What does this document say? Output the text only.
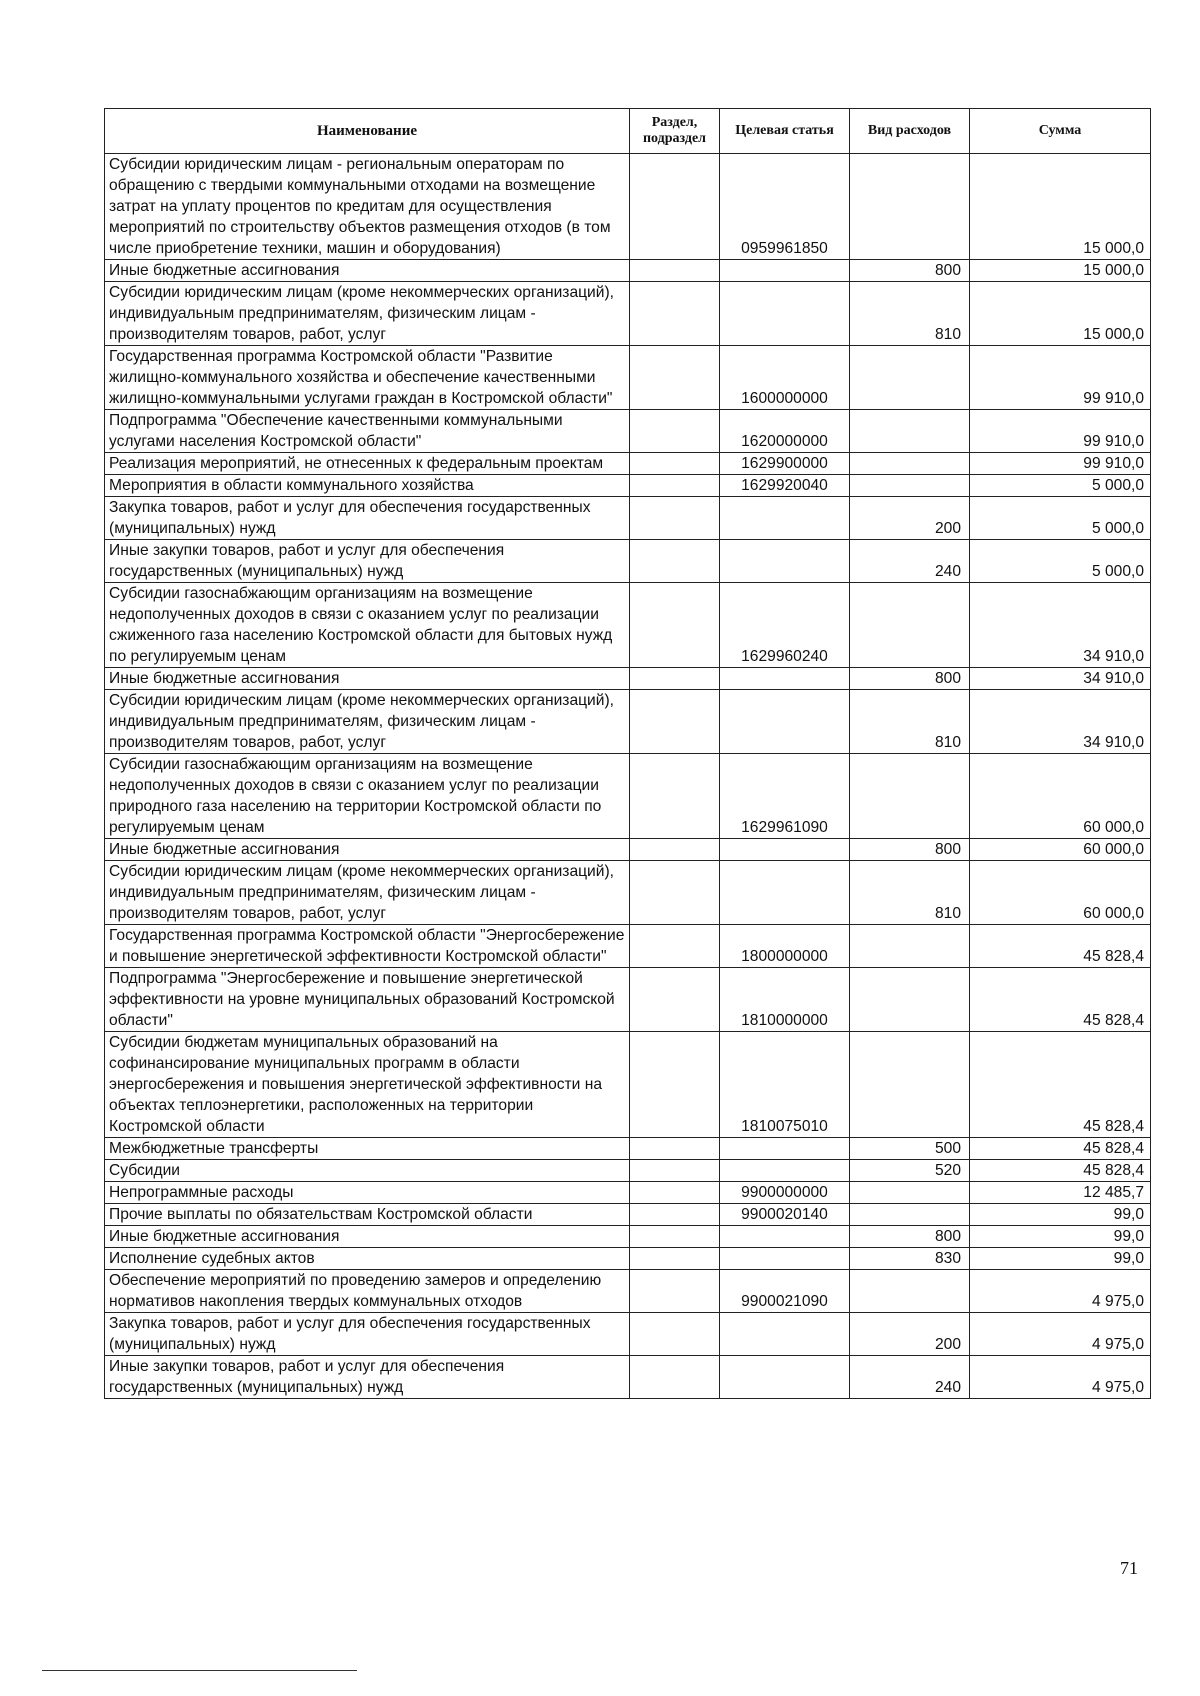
Наименование	Раздел, подраздел	Целевая статья	Вид расходов	Сумма
Субсидии юридическим лицам - региональным операторам по обращению с твердыми коммунальными отходами на возмещение затрат на уплату процентов по кредитам для осуществления мероприятий по строительству объектов размещения отходов (в том числе приобретение техники, машин и оборудования)		0959961850		15 000,0
Иные бюджетные ассигнования			800	15 000,0
Субсидии юридическим лицам (кроме некоммерческих организаций), индивидуальным предпринимателям, физическим лицам - производителям товаров, работ, услуг			810	15 000,0
Государственная программа Костромской области "Развитие жилищно-коммунального хозяйства и обеспечение качественными жилищно-коммунальными услугами граждан в Костромской области"		1600000000		99 910,0
Подпрограмма "Обеспечение качественными коммунальными услугами населения Костромской области"		1620000000		99 910,0
Реализация мероприятий, не отнесенных к федеральным проектам		1629900000		99 910,0
Мероприятия в области коммунального хозяйства		1629920040		5 000,0
Закупка товаров, работ и услуг для обеспечения государственных (муниципальных) нужд			200	5 000,0
Иные закупки товаров, работ и услуг для обеспечения государственных (муниципальных) нужд			240	5 000,0
Субсидии газоснабжающим организациям на возмещение недополученных доходов в связи с оказанием услуг по реализации сжиженного газа населению Костромской области для бытовых нужд по регулируемым ценам		1629960240		34 910,0
Иные бюджетные ассигнования			800	34 910,0
Субсидии юридическим лицам (кроме некоммерческих организаций), индивидуальным предпринимателям, физическим лицам - производителям товаров, работ, услуг			810	34 910,0
Субсидии газоснабжающим организациям на возмещение недополученных доходов в связи с оказанием услуг по реализации природного газа населению на территории Костромской области по регулируемым ценам		1629961090		60 000,0
Иные бюджетные ассигнования			800	60 000,0
Субсидии юридическим лицам (кроме некоммерческих организаций), индивидуальным предпринимателям, физическим лицам - производителям товаров, работ, услуг			810	60 000,0
Государственная программа Костромской области "Энергосбережение и повышение энергетической эффективности Костромской области"		1800000000		45 828,4
Подпрограмма "Энергосбережение и повышение энергетической эффективности на уровне муниципальных образований Костромской области"		1810000000		45 828,4
Субсидии бюджетам муниципальных образований на софинансирование муниципальных программ в области энергосбережения и повышения энергетической эффективности на объектах теплоэнергетики, расположенных на территории Костромской области		1810075010		45 828,4
Межбюджетные трансферты			500	45 828,4
Субсидии			520	45 828,4
Непрограммные расходы		9900000000		12 485,7
Прочие выплаты по обязательствам Костромской области		9900020140		99,0
Иные бюджетные ассигнования			800	99,0
Исполнение судебных актов			830	99,0
Обеспечение мероприятий по проведению замеров и определению нормативов накопления твердых коммунальных отходов		9900021090		4 975,0
Закупка товаров, работ и услуг для обеспечения государственных (муниципальных) нужд			200	4 975,0
Иные закупки товаров, работ и услуг для обеспечения государственных (муниципальных) нужд			240	4 975,0
71
